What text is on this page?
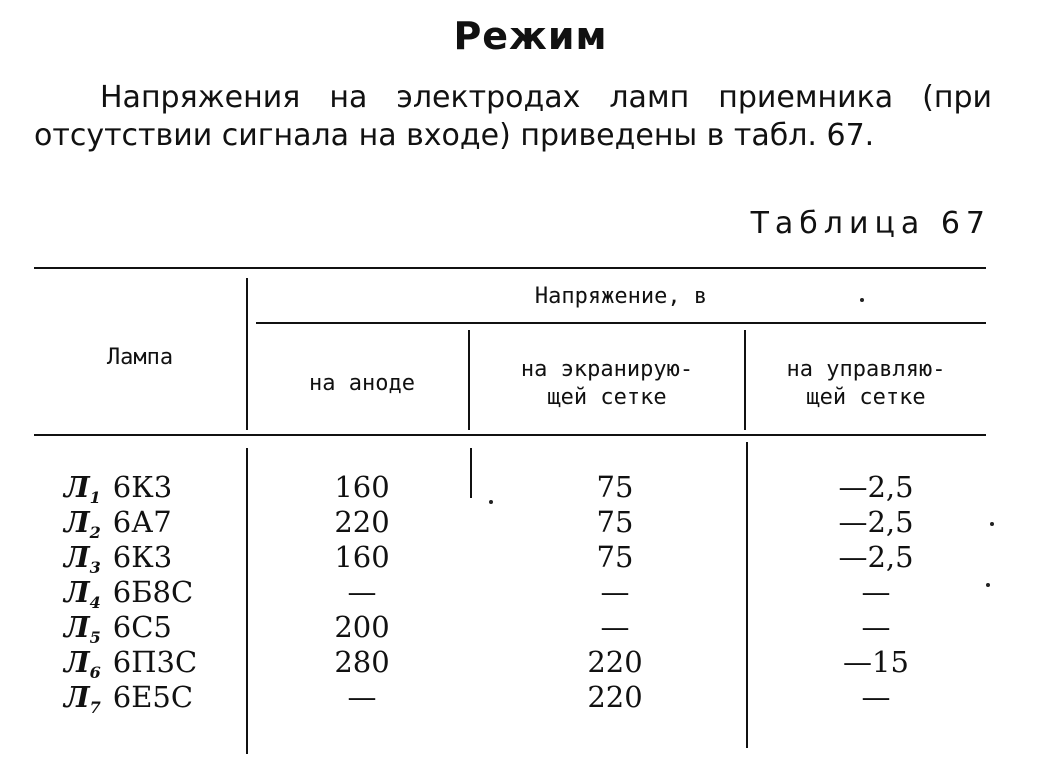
Режим
Напряжения на электродах ламп приемника (при
отсутствии сигнала на входе) приведены в табл. 67.
Таблица 67
Лампа
Напряжение, в
на аноде
на экранирую-
щей сетке
на управляю-
щей сетке
$Л_1$ 6К3
$Л_2$ 6А7
$Л_3$ 6К3
$Л_4$ 6Б8С
$Л_5$ 6С5
$Л_6$ 6П3С
$Л_7$ 6Е5С
160
220
160
—
200
280
—
75
75
75
—
—
220
220
—2,5
—2,5
—2,5
—
—
—15
—
